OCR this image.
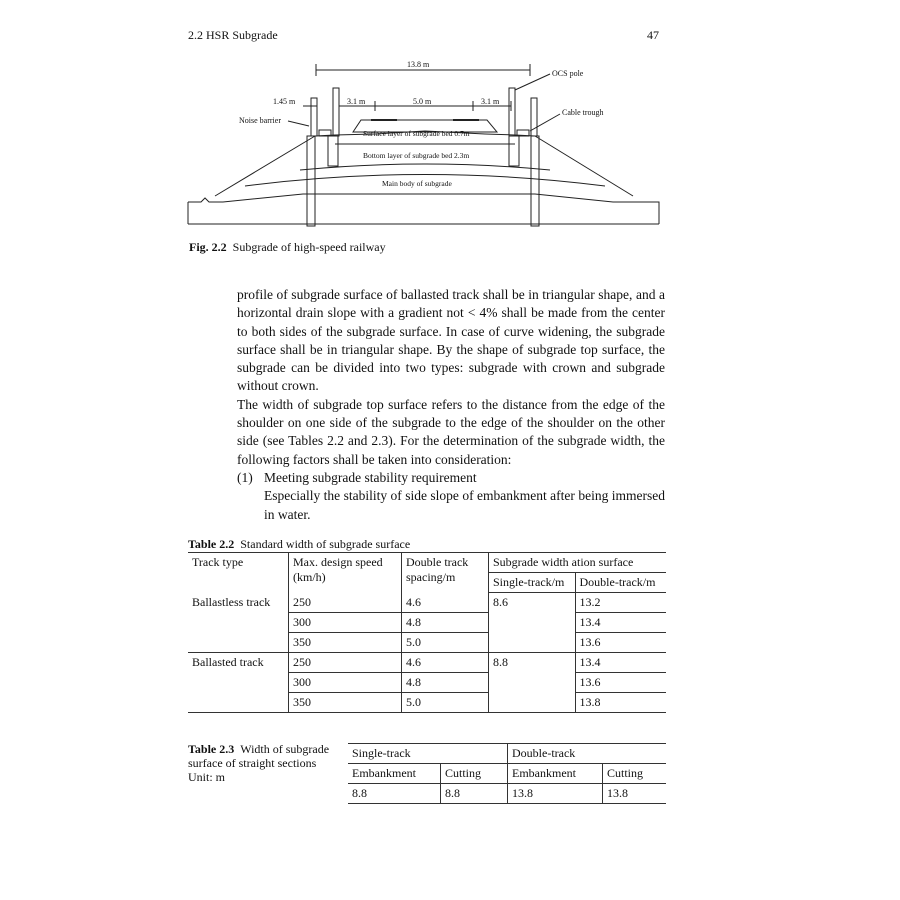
2.2 HSR Subgrade	47
13.8 m
OCS pole
1.45 m	3.1 m	5.0 m	3.1 m
Noise barrier
Cable trough
Surface layer of subgrade bed 0.7m
Bottom layer of subgrade bed 2.3m
Main body of subgrade
Fig. 2.2 Subgrade of high-speed railway

profile of subgrade surface of ballasted track shall be in triangular shape, and a horizontal drain slope with a gradient not < 4% shall be made from the center to both sides of the subgrade surface. In case of curve widening, the subgrade surface shall be in triangular shape. By the shape of subgrade top surface, the subgrade can be divided into two types: subgrade with crown and subgrade without crown.

The width of subgrade top surface refers to the distance from the edge of the shoulder on one side of the subgrade to the edge of the shoulder on the other side (see Tables 2.2 and 2.3). For the determination of the subgrade width, the following factors shall be taken into consideration:

(1) Meeting subgrade stability requirement

Especially the stability of side slope of embankment after being immersed in water.

Table 2.2 Standard width of subgrade surface
Track type	Max. design speed (km/h)	Double track spacing/m	Subgrade width ation surface	
			Single-track/m	Double-track/m
Ballastless track	250	4.6	8.6	13.2
	300	4.8		13.4
	350	5.0		13.6
Ballasted track	250	4.6	8.8	13.4
	300	4.8		13.6
	350	5.0		13.8
Table 2.3 Width of subgrade surface of straight sections
Unit: m
Single-track		Double-track	
Embankment	Cutting	Embankment	Cutting
8.8	8.8	13.8	13.8
